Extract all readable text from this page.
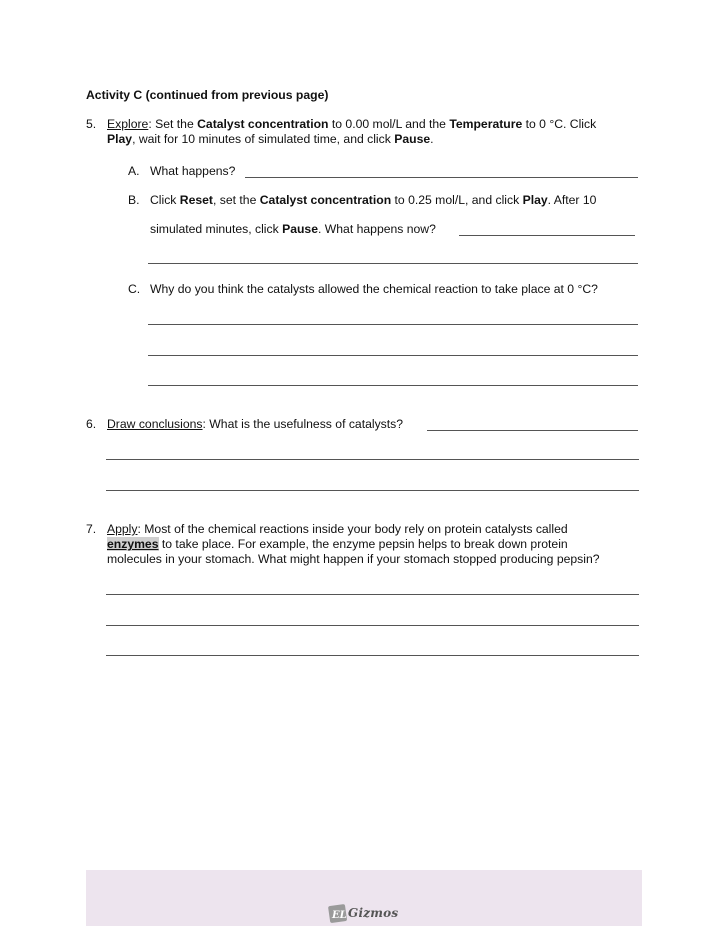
Activity C (continued from previous page)
5. Explore: Set the Catalyst concentration to 0.00 mol/L and the Temperature to 0 °C. Click
Play, wait for 10 minutes of simulated time, and click Pause.
A. What happens?
B. Click Reset, set the Catalyst concentration to 0.25 mol/L, and click Play. After 10
simulated minutes, click Pause. What happens now?
C. Why do you think the catalysts allowed the chemical reaction to take place at 0 °C?
6. Draw conclusions: What is the usefulness of catalysts?
7. Apply: Most of the chemical reactions inside your body rely on protein catalysts called
enzymes to take place. For example, the enzyme pepsin helps to break down protein
molecules in your stomach. What might happen if your stomach stopped producing pepsin?
EL Gizmos
